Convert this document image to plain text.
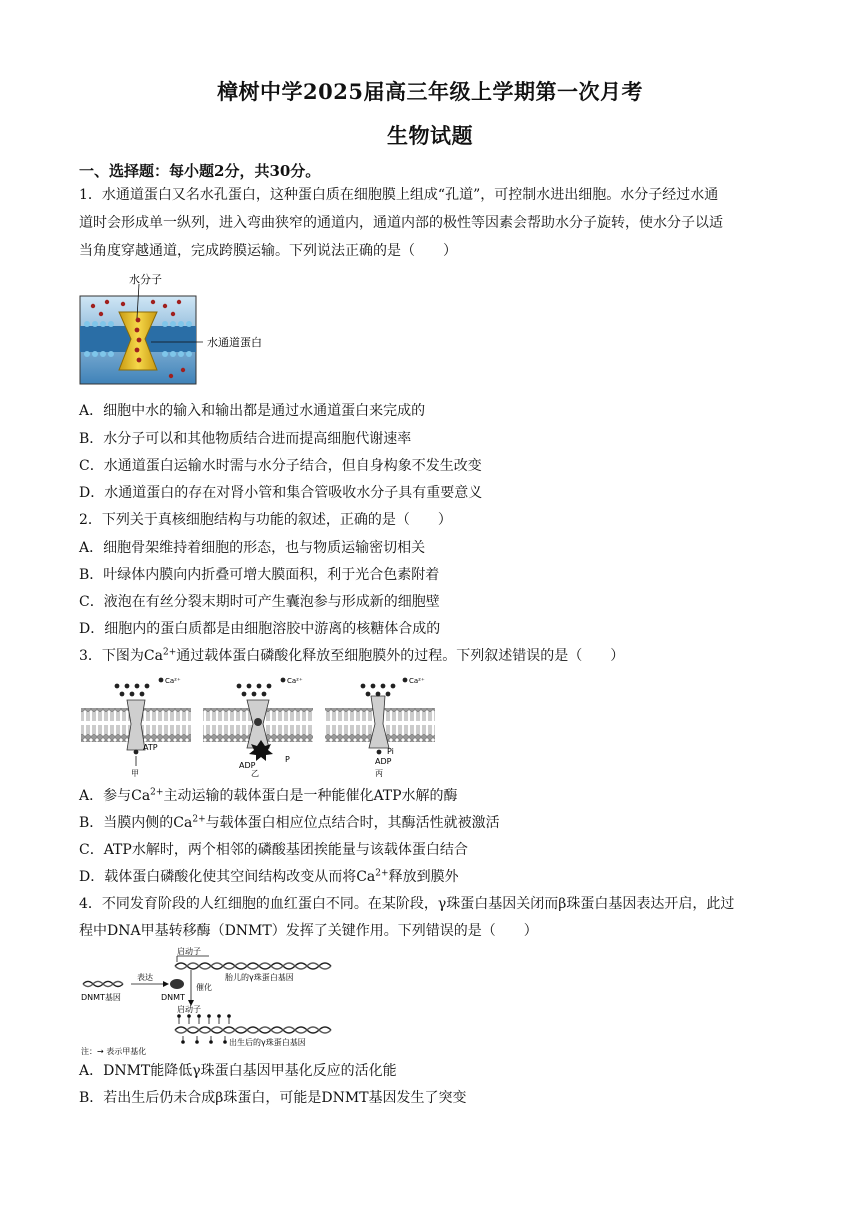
樟树中学2025届高三年级上学期第一次月考
生物试题
一、选择题：每小题2分，共30分。
1．水通道蛋白又名水孔蛋白，这种蛋白质在细胞膜上组成“孔道”，可控制水进出细胞。水分子经过水通
道时会形成单一纵列，进入弯曲狭窄的通道内，通道内部的极性等因素会帮助水分子旋转，使水分子以适
当角度穿越通道，完成跨膜运输。下列说法正确的是（　　）
水分子
水通道蛋白
A．细胞中水的输入和输出都是通过水通道蛋白来完成的
B．水分子可以和其他物质结合进而提高细胞代谢速率
C．水通道蛋白运输水时需与水分子结合，但自身构象不发生改变
D．水通道蛋白的存在对肾小管和集合管吸收水分子具有重要意义
2．下列关于真核细胞结构与功能的叙述，正确的是（　　）
A．细胞骨架维持着细胞的形态，也与物质运输密切相关
B．叶绿体内膜向内折叠可增大膜面积，利于光合色素附着
C．液泡在有丝分裂末期时可产生囊泡参与形成新的细胞壁
D．细胞内的蛋白质都是由细胞溶胶中游离的核糖体合成的
3．下图为$Ca^{2+}$通过载体蛋白磷酸化释放至细胞膜外的过程。下列叙述错误的是（　　）
Ca²⁺
ATP
甲
Ca²⁺
ADP
P
乙
Ca²⁺
Pi
ADP
丙
A．参与$Ca^{2+}$主动运输的载体蛋白是一种能催化ATP水解的酶
B．当膜内侧的$Ca^{2+}$与载体蛋白相应位点结合时，其酶活性就被激活
C．ATP水解时，两个相邻的磷酸基团挨能量与该载体蛋白结合
D．载体蛋白磷酸化使其空间结构改变从而将$Ca^{2+}$释放到膜外
4．不同发育阶段的人红细胞的血红蛋白不同。在某阶段，γ珠蛋白基因关闭而β珠蛋白基因表达开启，此过
程中DNA甲基转移酶（DNMT）发挥了关键作用。下列错误的是（　　）
启动子
胎儿的γ珠蛋白基因
DNMT基因
表达
DNMT
催化
启动子
出生后的γ珠蛋白基因
注：→ 表示甲基化
A．DNMT能降低γ珠蛋白基因甲基化反应的活化能
B．若出生后仍未合成β珠蛋白，可能是DNMT基因发生了突变
